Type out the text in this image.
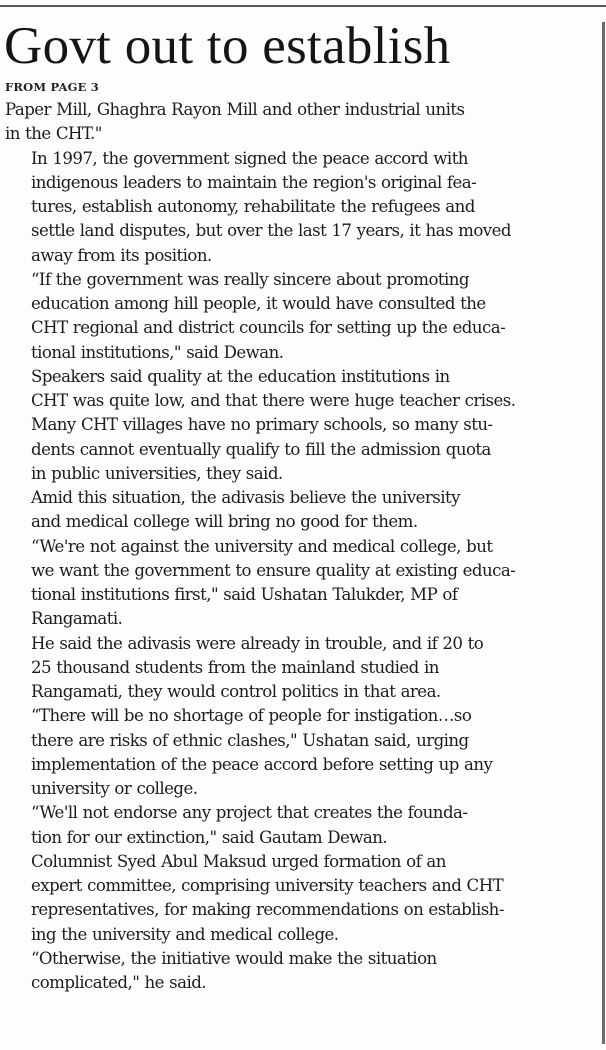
Govt out to establish
FROM PAGE 3

Paper Mill, Ghaghra Rayon Mill and other industrial units
in the CHT."

In 1997, the government signed the peace accord with
indigenous leaders to maintain the region's original fea-
tures, establish autonomy, rehabilitate the refugees and
settle land disputes, but over the last 17 years, it has moved
away from its position.

“If the government was really sincere about promoting
education among hill people, it would have consulted the
CHT regional and district councils for setting up the educa-
tional institutions," said Dewan.

Speakers said quality at the education institutions in
CHT was quite low, and that there were huge teacher crises.
Many CHT villages have no primary schools, so many stu-
dents cannot eventually qualify to fill the admission quota
in public universities, they said.

Amid this situation, the adivasis believe the university
and medical college will bring no good for them.

“We're not against the university and medical college, but
we want the government to ensure quality at existing educa-
tional institutions first," said Ushatan Talukder, MP of
Rangamati.

He said the adivasis were already in trouble, and if 20 to
25 thousand students from the mainland studied in
Rangamati, they would control politics in that area.

“There will be no shortage of people for instigation…so
there are risks of ethnic clashes," Ushatan said, urging
implementation of the peace accord before setting up any
university or college.

“We'll not endorse any project that creates the founda-
tion for our extinction," said Gautam Dewan.

Columnist Syed Abul Maksud urged formation of an
expert committee, comprising university teachers and CHT
representatives, for making recommendations on establish-
ing the university and medical college.

“Otherwise, the initiative would make the situation
complicated," he said.
